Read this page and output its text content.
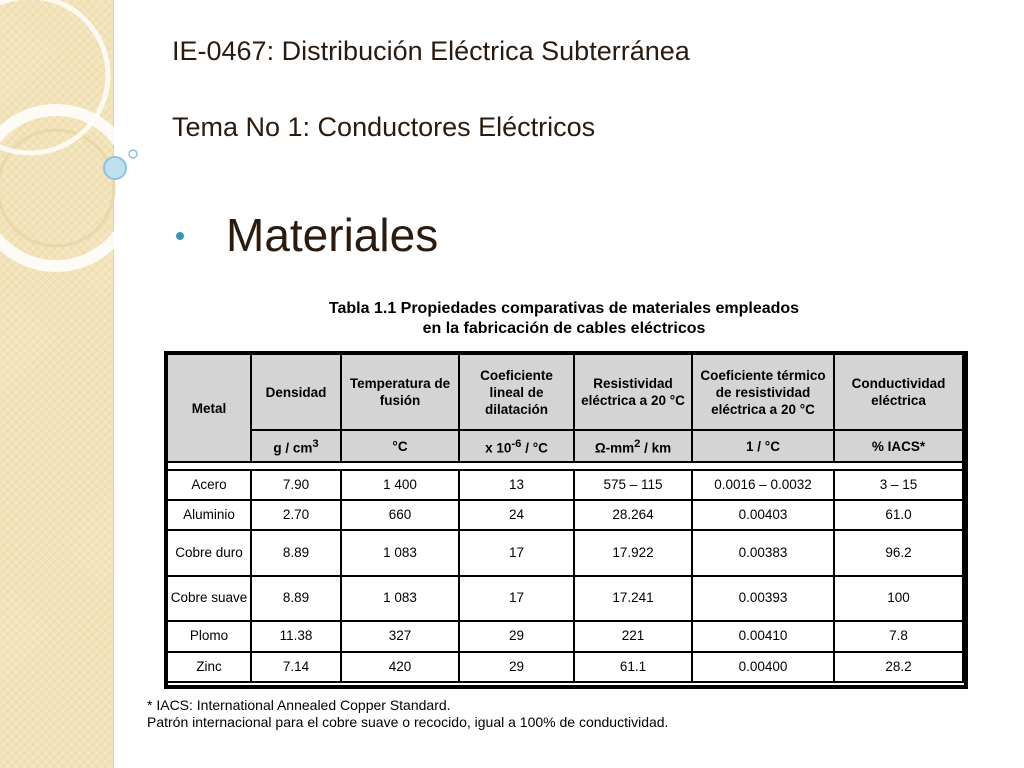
IE-0467: Distribución Eléctrica Subterránea
Tema No 1: Conductores Eléctricos
Materiales
Tabla 1.1 Propiedades comparativas de materiales empleados
en la fabricación de cables eléctricos
Metal	Densidad	Temperatura de fusión	Coeficiente lineal de dilatación	Resistividad eléctrica a 20 °C	Coeficiente térmico de resistividad eléctrica a 20 °C	Conductividad eléctrica
	g / $cm^3$	°C	x $10^{-6} / ^\circ C$	$\Omega-mm^2$ / km	1 / °C	% IACS*

Acero	7.90	1 400	13	575 – 115	0.0016 – 0.0032	3 – 15
Aluminio	2.70	660	24	28.264	0.00403	61.0
Cobre duro	8.89	1 083	17	17.922	0.00383	96.2
Cobre suave	8.89	1 083	17	17.241	0.00393	100
Plomo	11.38	327	29	221	0.00410	7.8
Zinc	7.14	420	29	61.1	0.00400	28.2
* IACS: International Annealed Copper Standard.
Patrón internacional para el cobre suave o recocido, igual a 100% de conductividad.
